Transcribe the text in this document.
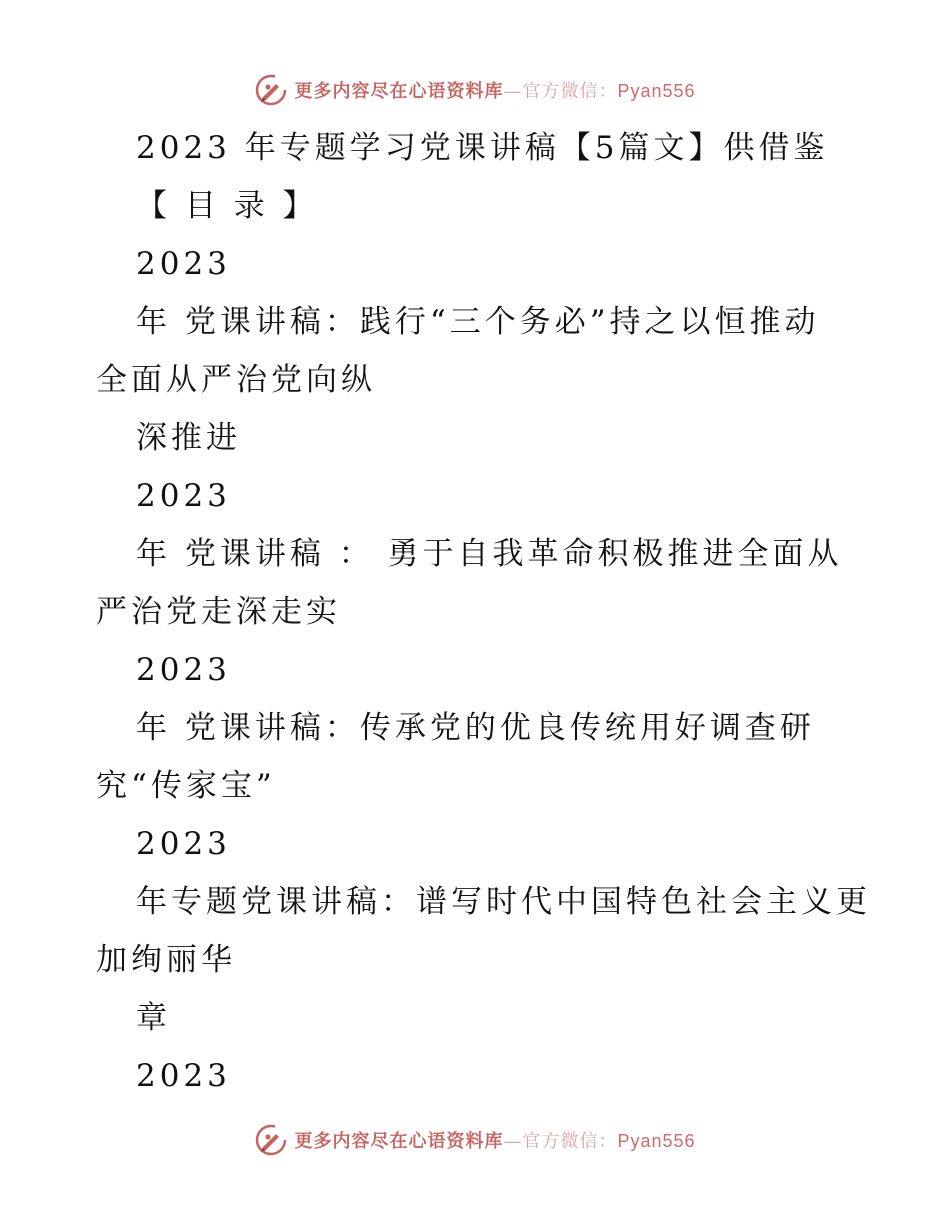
更多内容尽在心语资料库—官方微信：Pyan556
2023 年专题学习党课讲稿【5篇文】供借鉴
【 目 录 】
2023
年 党课讲稿：践行“三个务必”持之以恒推动
全面从严治党向纵
深推进
2023
年 党课讲稿 ： 勇于自我革命积极推进全面从
严治党走深走实
2023
年 党课讲稿：传承党的优良传统用好调查研
究“传家宝”
2023
年专题党课讲稿：谱写时代中国特色社会主义更
加绚丽华
章
2023
更多内容尽在心语资料库—官方微信：Pyan556
